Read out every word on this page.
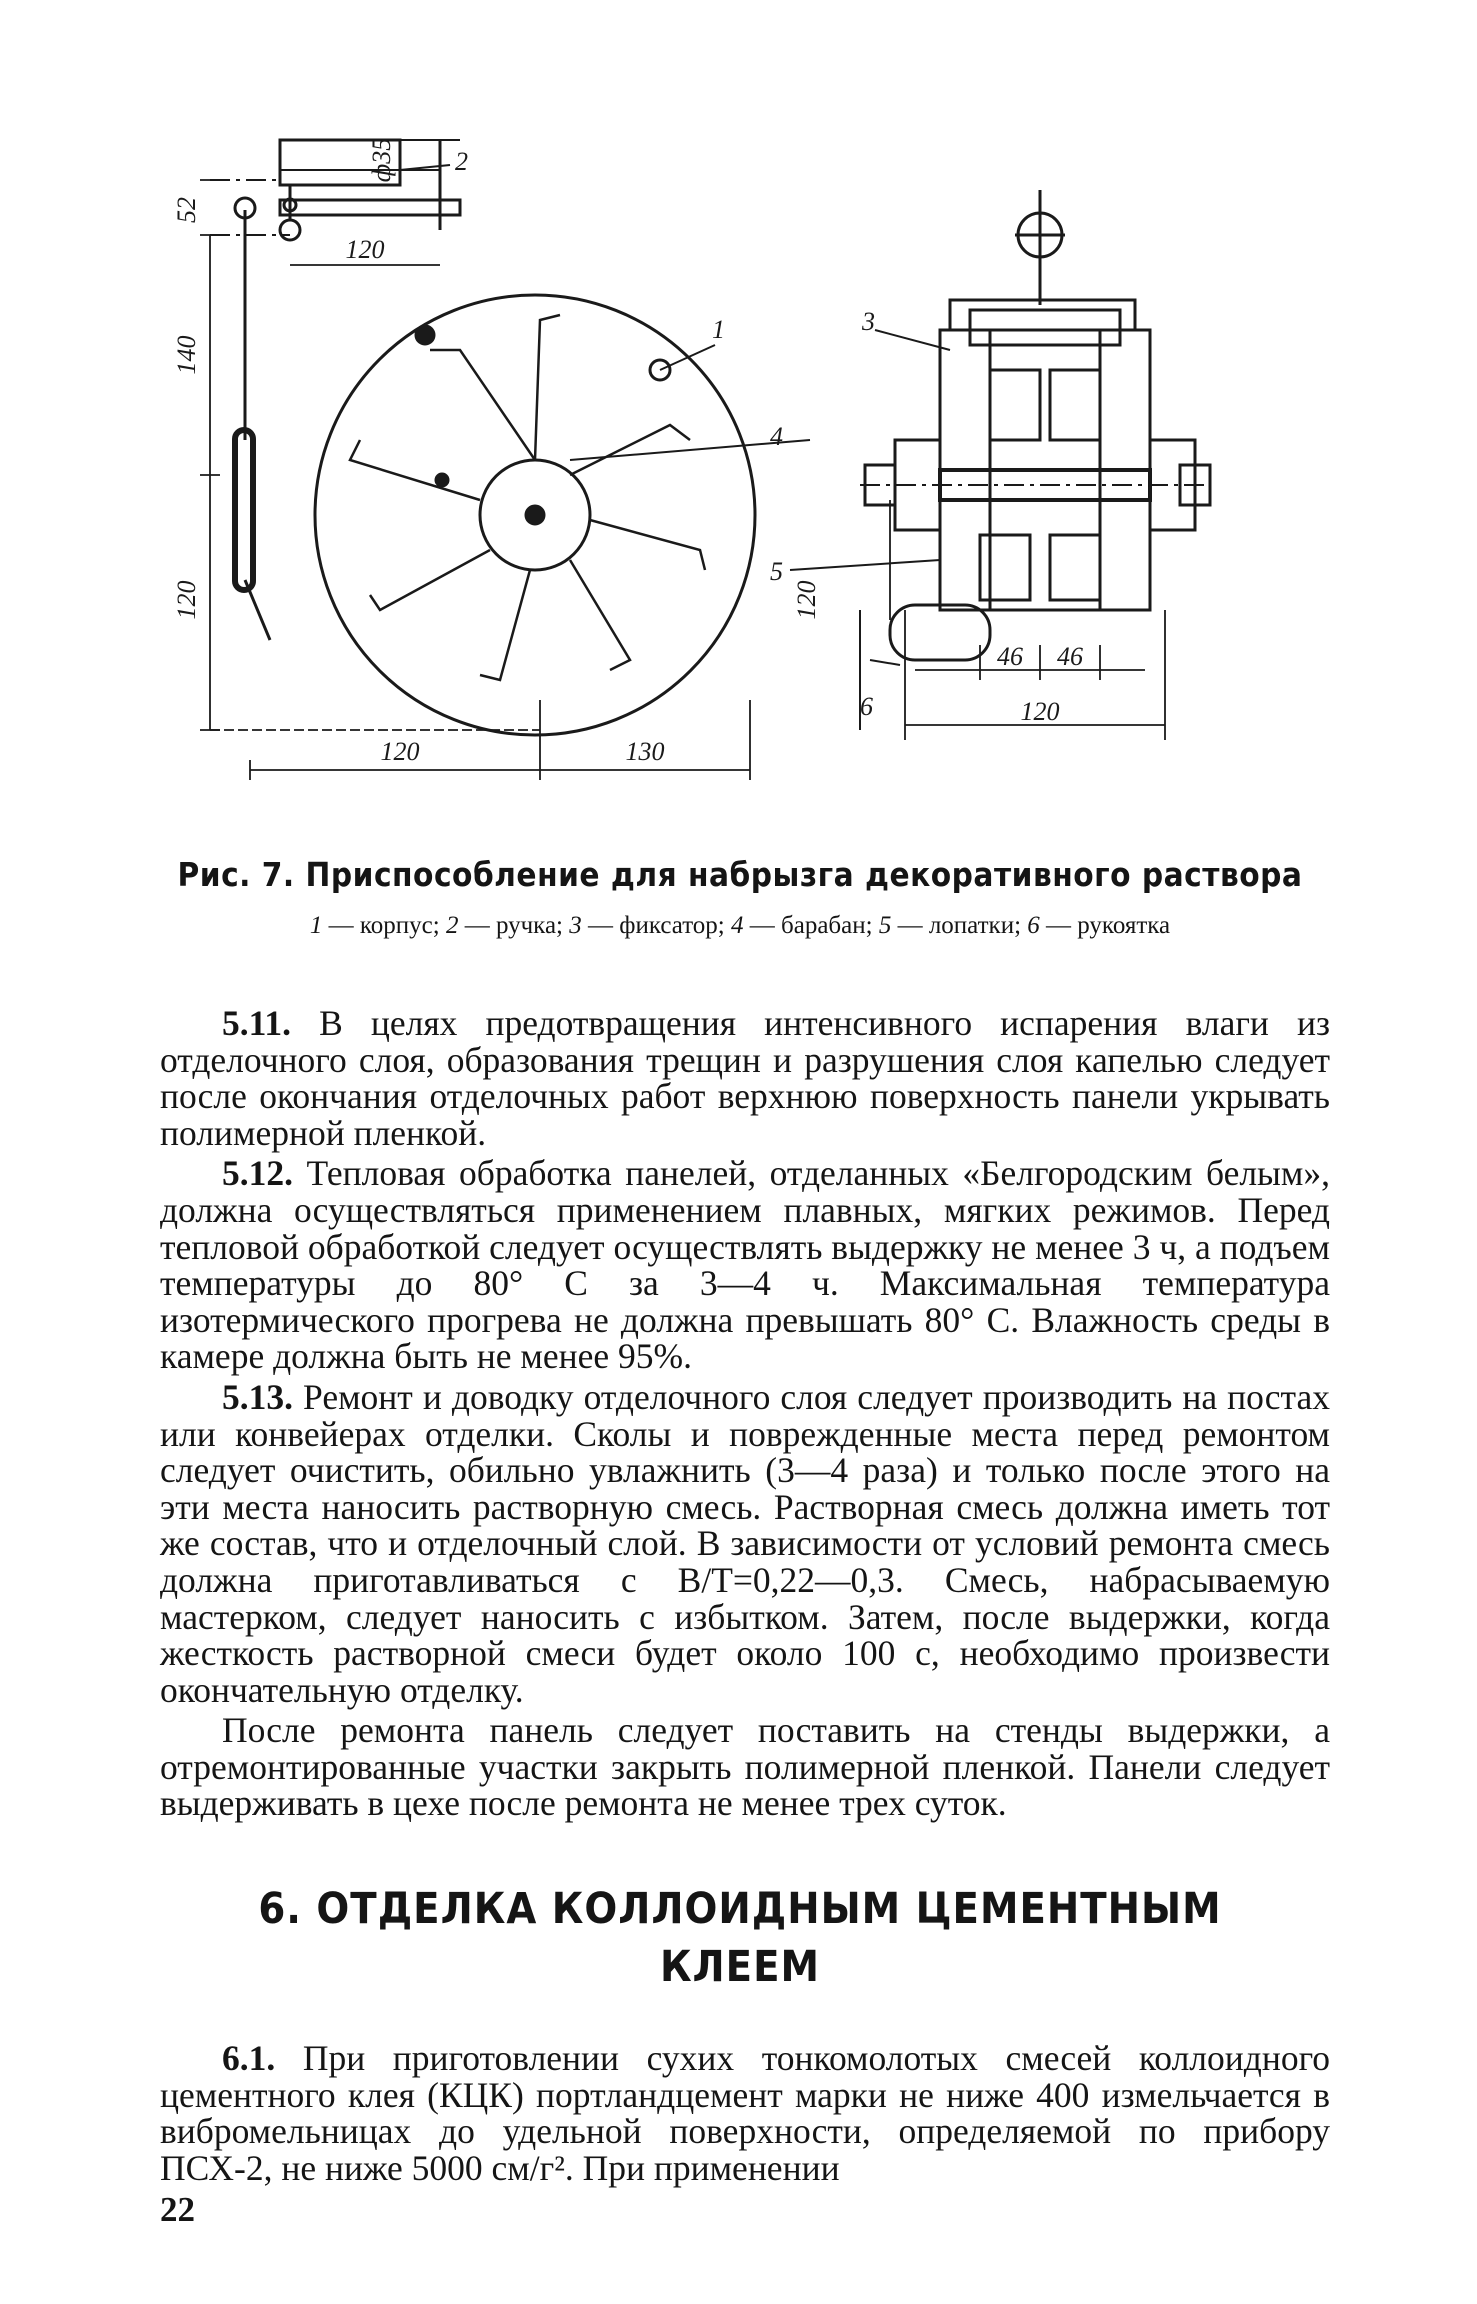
ф35
52
140
120
120
120	130
120
46 46
120
1
2
3
4
5
6
Рис. 7. Приспособление для набрызга декоративного раствора
1 — корпус; 2 — ручка; 3 — фиксатор; 4 — барабан; 5 — лопатки; 6 — рукоятка

5.11. В целях предотвращения интенсивного испарения влаги из отделочного слоя, образования трещин и разрушения слоя капелью следует после окончания отделочных работ верхнюю поверхность панели укрывать полимерной пленкой.

5.12. Тепловая обработка панелей, отделанных «Белгородским белым», должна осуществляться применением плавных, мягких режимов. Перед тепловой обработкой следует осуществлять выдержку не менее 3 ч, а подъем температуры до 80° С за 3—4 ч. Максимальная температура изотермического прогрева не должна превышать 80° С. Влажность среды в камере должна быть не менее 95%.

5.13. Ремонт и доводку отделочного слоя следует производить на постах или конвейерах отделки. Сколы и поврежденные места перед ремонтом следует очистить, обильно увлажнить (3—4 раза) и только после этого на эти места наносить растворную смесь. Растворная смесь должна иметь тот же состав, что и отделочный слой. В зависимости от условий ремонта смесь должна приготавливаться с В/Т=0,22—0,3. Смесь, набрасываемую мастерком, следует наносить с избытком. Затем, после выдержки, когда жесткость растворной смеси будет около 100 с, необходимо произвести окончательную отделку.

После ремонта панель следует поставить на стенды выдержки, а отремонтированные участки закрыть полимерной пленкой. Панели следует выдерживать в цехе после ремонта не менее трех суток.

6. ОТДЕЛКА КОЛЛОИДНЫМ ЦЕМЕНТНЫМ
КЛЕЕМ

6.1. При приготовлении сухих тонкомолотых смесей коллоидного цементного клея (КЦК) портландцемент марки не ниже 400 измельчается в вибромельницах до удельной поверхности, определяемой по прибору ПСХ-2, не ниже 5000 см/г². При применении

22
